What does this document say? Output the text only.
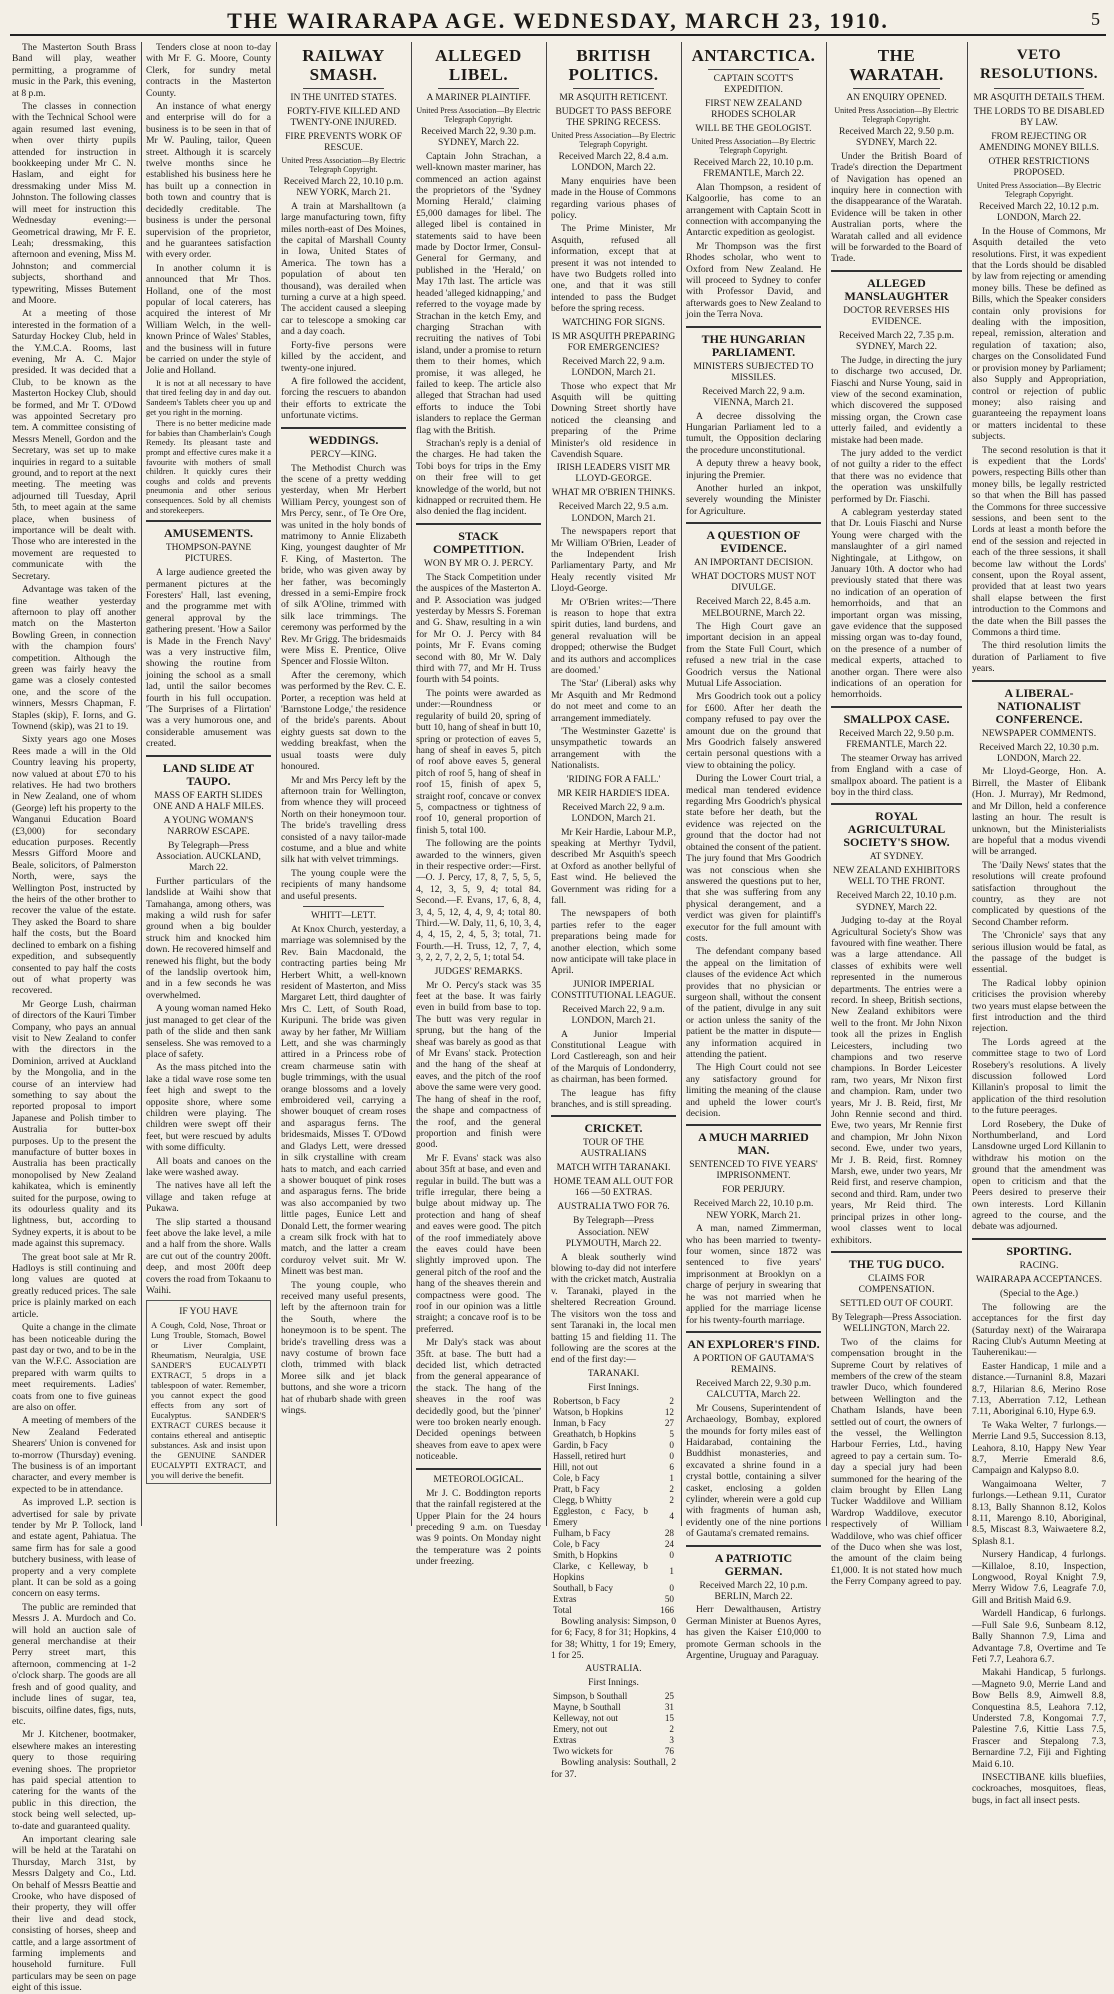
THE WAIRARAPA AGE. WEDNESDAY, MARCH 23, 1910.	5

The Masterton South Brass Band will play, weather permitting, a programme of music in the Park, this evening, at 8 p.m.

The classes in connection with the Technical School were again resumed last evening, when over thirty pupils attended for instruction in bookkeeping under Mr C. N. Haslam, and eight for dressmaking under Miss M. Johnston. The following classes will meet for instruction this Wednesday evening:—Geometrical drawing, Mr F. E. Leah; dressmaking, this afternoon and evening, Miss M. Johnston; and commercial subjects, shorthand and typewriting, Misses Butement and Moore.

At a meeting of those interested in the formation of a Saturday Hockey Club, held in the Y.M.C.A. Rooms, last evening, Mr A. C. Major presided. It was decided that a Club, to be known as the Masterton Hockey Club, should be formed, and Mr T. O'Dowd was appointed Secretary pro tem. A committee consisting of Messrs Menell, Gordon and the Secretary, was set up to make inquiries in regard to a suitable ground, and to report at the next meeting. The meeting was adjourned till Tuesday, April 5th, to meet again at the same place, when business of importance will be dealt with. Those who are interested in the movement are requested to communicate with the Secretary.

Advantage was taken of the fine weather yesterday afternoon to play off another match on the Masterton Bowling Green, in connection with the champion fours' competition. Although the green was fairly heavy the game was a closely contested one, and the score of the winners, Messrs Chapman, F. Staples (skip), F. Iorns, and G. Townend (skip), was 21 to 19.

Sixty years ago one Moses Rees made a will in the Old Country leaving his property, now valued at about £70 to his relatives. He had two brothers in New Zealand, one of whom (George) left his property to the Wanganui Education Board (£3,000) for secondary education purposes. Recently Messrs Gifford Moore and Beale, solicitors, of Palmerston North, were, says the Wellington Post, instructed by the heirs of the other brother to recover the value of the estate. They asked the Board to share half the costs, but the Board declined to embark on a fishing expedition, and subsequently consented to pay half the costs out of what property was recovered.

Mr George Lush, chairman of directors of the Kauri Timber Company, who pays an annual visit to New Zealand to confer with the directors in the Dominion, arrived at Auckland by the Mongolia, and in the course of an interview had something to say about the reported proposal to import Japanese and Polish timber to Australia for butter-box purposes. Up to the present the manufacture of butter boxes in Australia has been practically monopolised by New Zealand kahikatea, which is eminently suited for the purpose, owing to its odourless quality and its lightness, but, according to Sydney experts, it is about to be made against this supremacy.

The great boot sale at Mr R. Hadloys is still continuing and long values are quoted at greatly reduced prices. The sale price is plainly marked on each article.

Quite a change in the climate has been noticeable during the past day or two, and to be in the van the W.F.C. Association are prepared with warm quilts to meet requirements. Ladies' coats from one to five guineas are also on offer.

A meeting of members of the New Zealand Federated Shearers' Union is convened for to-morrow (Thursday) evening. The business is of an important character, and every member is expected to be in attendance.

As improved L.P. section is advertised for sale by private tender by Mr P. Tollock, land and estate agent, Pahiatua. The same firm has for sale a good butchery business, with lease of property and a very complete plant. It can be sold as a going concern on easy terms.

The public are reminded that Messrs J. A. Murdoch and Co. will hold an auction sale of general merchandise at their Perry street mart, this afternoon, commencing at 1-2 o'clock sharp. The goods are all fresh and of good quality, and include lines of sugar, tea, biscuits, oilfine dates, figs, nuts, etc.

Mr J. Kitchener, bootmaker, elsewhere makes an interesting query to those requiring evening shoes. The proprietor has paid special attention to catering for the wants of the public in this direction, the stock being well selected, up-to-date and guaranteed quality.

An important clearing sale will be held at the Taratahi on Thursday, March 31st, by Messrs Dalgety and Co., Ltd. On behalf of Messrs Beattie and Crooke, who have disposed of their property, they will offer their live and dead stock, consisting of horses, sheep and cattle, and a large assortment of farming implements and household furniture. Full particulars may be seen on page eight of this issue.

Tenders close at noon to-day with Mr F. G. Moore, County Clerk, for sundry metal contracts in the Masterton County.

An instance of what energy and enterprise will do for a business is to be seen in that of Mr W. Pauling, tailor, Queen street. Although it is scarcely twelve months since he established his business here he has built up a connection in both town and country that is decidedly creditable. The business is under the personal supervision of the proprietor, and he guarantees satisfaction with every order.

In another column it is announced that Mr Thos. Holland, one of the most popular of local caterers, has acquired the interest of Mr William Welch, in the well-known Prince of Wales' Stables, and the business will in future be carried on under the style of Jolie and Holland.

It is not at all necessary to have that tired feeling day in and day out. Sandeem's Tablets cheer you up and get you right in the morning.

There is no better medicine made for babies than Chamberlain's Cough Remedy. Its pleasant taste and prompt and effective cures make it a favourite with mothers of small children. It quickly cures their coughs and colds and prevents pneumonia and other serious consequences. Sold by all chemists and storekeepers.

AMUSEMENTS.
THOMPSON-PAYNE PICTURES.

A large audience greeted the permanent pictures at the Foresters' Hall, last evening, and the programme met with general approval by the gathering present. 'How a Sailor is Made in the French Navy' was a very instructive film, showing the routine from joining the school as a small lad, until the sailor becomes fourth in his full occupation. 'The Surprises of a Flirtation' was a very humorous one, and considerable amusement was created.

LAND SLIDE AT TAUPO.
MASS OF EARTH SLIDES ONE AND A HALF MILES.
A YOUNG WOMAN'S NARROW ESCAPE.
By Telegraph—Press Association. AUCKLAND, March 22.

Further particulars of the landslide at Waihi show that Tamahanga, among others, was making a wild rush for safer ground when a big boulder struck him and knocked him down. He recovered himself and renewed his flight, but the body of the landslip overtook him, and in a few seconds he was overwhelmed.

A young woman named Heko just managed to get clear of the path of the slide and then sank senseless. She was removed to a place of safety.

As the mass pitched into the lake a tidal wave rose some ten feet high and swept to the opposite shore, where some children were playing. The children were swept off their feet, but were rescued by adults with some difficulty.

All boats and canoes on the lake were washed away.

The natives have all left the village and taken refuge at Pukawa.

The slip started a thousand feet above the lake level, a mile and a half from the shore. Walls are cut out of the country 200ft. deep, and most 200ft deep covers the road from Tokaanu to Waihi.

IF YOU HAVE
A Cough, Cold, Nose, Throat or Lung Trouble, Stomach, Bowel or Liver Complaint, Rheumatism, Neuralgia, USE SANDER'S EUCALYPTI EXTRACT, 5 drops in a tablespoon of water. Remember, you cannot expect the good effects from any sort of Eucalyptus. SANDER'S EXTRACT CURES because it contains ethereal and antiseptic substances. Ask and insist upon the GENUINE SANDER EUCALYPTI EXTRACT, and you will derive the benefit.
RAILWAY SMASH.
IN THE UNITED STATES.
FORTY-FIVE KILLED AND TWENTY-ONE INJURED.
FIRE PREVENTS WORK OF RESCUE.
United Press Association—By Electric Telegraph Copyright.
Received March 22, 10.10 p.m. NEW YORK, March 21.

A train at Marshalltown (a large manufacturing town, fifty miles north-east of Des Moines, the capital of Marshall County in Iowa, United States of America. The town has a population of about ten thousand), was derailed when turning a curve at a high speed. The accident caused a sleeping car to telescope a smoking car and a day coach.

Forty-five persons were killed by the accident, and twenty-one injured.

A fire followed the accident, forcing the rescuers to abandon their efforts to extricate the unfortunate victims.

WEDDINGS.
PERCY—KING.

The Methodist Church was the scene of a pretty wedding yesterday, when Mr Herbert William Percy, youngest son of Mrs Percy, senr., of Te Ore Ore, was united in the holy bonds of matrimony to Annie Elizabeth King, youngest daughter of Mr F. King, of Masterton. The bride, who was given away by her father, was becomingly dressed in a semi-Empire frock of silk A'Oline, trimmed with silk lace trimmings. The ceremony was performed by the Rev. Mr Grigg. The bridesmaids were Miss E. Prentice, Olive Spencer and Flossie Wilton.

After the ceremony, which was performed by the Rev. C. E. Porter, a reception was held at 'Barnstone Lodge,' the residence of the bride's parents. About eighty guests sat down to the wedding breakfast, when the usual toasts were duly honoured.

Mr and Mrs Percy left by the afternoon train for Wellington, from whence they will proceed North on their honeymoon tour. The bride's travelling dress consisted of a navy tailor-made costume, and a blue and white silk hat with velvet trimmings.

The young couple were the recipients of many handsome and useful presents.

WHITT—LETT.

At Knox Church, yesterday, a marriage was solemnised by the Rev. Bain Macdonald, the contracting parties being Mr Herbert Whitt, a well-known resident of Masterton, and Miss Margaret Lett, third daughter of Mrs C. Lett, of South Road, Kuripuni. The bride was given away by her father, Mr William Lett, and she was charmingly attired in a Princess robe of cream charmeuse satin with bugle trimmings, with the usual orange blossoms and a lovely embroidered veil, carrying a shower bouquet of cream roses and asparagus ferns. The bridesmaids, Misses T. O'Dowd and Gladys Lett, were dressed in silk crystalline with cream hats to match, and each carried a shower bouquet of pink roses and asparagus ferns. The bride was also accompanied by two little pages, Eunice Lett and Donald Lett, the former wearing a cream silk frock with hat to match, and the latter a cream corduroy velvet suit. Mr W. Minett was best man.

The young couple, who received many useful presents, left by the afternoon train for the South, where the honeymoon is to be spent. The bride's travelling dress was a navy costume of brown face cloth, trimmed with black Moree silk and jet black buttons, and she wore a tricorn hat of rhubarb shade with green wings.

ALLEGED LIBEL.
A MARINER PLAINTIFF.
United Press Association—By Electric Telegraph Copyright.
Received March 22, 9.30 p.m. SYDNEY, March 22.

Captain John Strachan, a well-known master mariner, has commenced an action against the proprietors of the 'Sydney Morning Herald,' claiming £5,000 damages for libel. The alleged libel is contained in statements said to have been made by Doctor Irmer, Consul-General for Germany, and published in the 'Herald,' on May 17th last. The article was headed 'alleged kidnapping,' and referred to the voyage made by Strachan in the ketch Emy, and charging Strachan with recruiting the natives of Tobi island, under a promise to return them to their homes, which promise, it was alleged, he failed to keep. The article also alleged that Strachan had used efforts to induce the Tobi islanders to replace the German flag with the British.

Strachan's reply is a denial of the charges. He had taken the Tobi boys for trips in the Emy on their free will to get knowledge of the world, but not kidnapped or recruited them. He also denied the flag incident.

STACK COMPETITION.
WON BY MR O. J. PERCY.

The Stack Competition under the auspices of the Masterton A. and P. Association was judged yesterday by Messrs S. Foreman and G. Shaw, resulting in a win for Mr O. J. Percy with 84 points, Mr F. Evans coming second with 80, Mr W. Daly third with 77, and Mr H. Truss fourth with 54 points.

The points were awarded as under:—Roundness or regularity of build 20, spring of butt 10, hang of sheaf in butt 10, spring or protection of eaves 5, hang of sheaf in eaves 5, pitch of roof above eaves 5, general pitch of roof 5, hang of sheaf in roof 15, finish of apex 5, straight roof, concave or convex 5, compactness or tightness of roof 10, general proportion of finish 5, total 100.

The following are the points awarded to the winners, given in their respective order:—First.—O. J. Percy, 17, 8, 7, 5, 5, 5, 4, 12, 3, 5, 9, 4; total 84. Second.—F. Evans, 17, 6, 8, 4, 3, 4, 5, 12, 4, 4, 9, 4; total 80. Third.—W. Daly, 11, 6, 10, 3, 4, 4, 4, 15, 2, 4, 5, 3; total, 71. Fourth.—H. Truss, 12, 7, 7, 4, 3, 2, 2, 7, 2, 2, 5, 1; total 54.

JUDGES' REMARKS.

Mr O. Percy's stack was 35 feet at the base. It was fairly even in build from base to top. The butt was very regular in sprung, but the hang of the sheaf was barely as good as that of Mr Evans' stack. Protection and the hang of the sheaf at eaves, and the pitch of the roof above the same were very good. The hang of sheaf in the roof, the shape and compactness of the roof, and the general proportion and finish were good.

Mr F. Evans' stack was also about 35ft at base, and even and regular in build. The butt was a trifle irregular, there being a bulge about midway up. The protection and hang of sheaf and eaves were good. The pitch of the roof immediately above the eaves could have been slightly improved upon. The general pitch of the roof and the hang of the sheaves therein and compactness were good. The roof in our opinion was a little straight; a concave roof is to be preferred.

Mr Daly's stack was about 35ft. at base. The butt had a decided list, which detracted from the general appearance of the stack. The hang of the sheaves in the roof was decidedly good, but the 'pinner' were too broken nearly enough. Decided openings between sheaves from eave to apex were noticeable.

METEOROLOGICAL.

Mr J. C. Boddington reports that the rainfall registered at the Upper Plain for the 24 hours preceding 9 a.m. on Tuesday was 9 points. On Monday night the temperature was 2 points under freezing.

BRITISH POLITICS.
MR ASQUITH RETICENT.
BUDGET TO PASS BEFORE THE SPRING RECESS.
United Press Association—By Electric Telegraph Copyright.
Received March 22, 8.4 a.m. LONDON, March 22.

Many enquiries have been made in the House of Commons regarding various phases of policy.

The Prime Minister, Mr Asquith, refused all information, except that at present it was not intended to have two Budgets rolled into one, and that it was still intended to pass the Budget before the spring recess.

WATCHING FOR SIGNS.
IS MR ASQUITH PREPARING FOR EMERGENCIES?
Received March 22, 9 a.m. LONDON, March 21.

Those who expect that Mr Asquith will be quitting Downing Street shortly have noticed the cleansing and preparing of the Prime Minister's old residence in Cavendish Square.

IRISH LEADERS VISIT MR LLOYD-GEORGE.
WHAT MR O'BRIEN THINKS.
Received March 22, 9.5 a.m. LONDON, March 21.

The newspapers report that Mr William O'Brien, Leader of the Independent Irish Parliamentary Party, and Mr Healy recently visited Mr Lloyd-George.

Mr O'Brien writes:—'There is reason to hope that extra spirit duties, land burdens, and general revaluation will be dropped; otherwise the Budget and its authors and accomplices are doomed.'

The 'Star' (Liberal) asks why Mr Asquith and Mr Redmond do not meet and come to an arrangement immediately.

'The Westminster Gazette' is unsympathetic towards an arrangement with the Nationalists.

'RIDING FOR A FALL.'
MR KEIR HARDIE'S IDEA.
Received March 22, 9 a.m. LONDON, March 21.

Mr Keir Hardie, Labour M.P., speaking at Merthyr Tydvil, described Mr Asquith's speech at Oxford as another bellyful of East wind. He believed the Government was riding for a fall.

The newspapers of both parties refer to the eager preparations being made for another election, which some now anticipate will take place in April.

JUNIOR IMPERIAL CONSTITUTIONAL LEAGUE.
Received March 22, 9 a.m. LONDON, March 21.

A Junior Imperial Constitutional League with Lord Castlereagh, son and heir of the Marquis of Londonderry, as chairman, has been formed.

The league has fifty branches, and is still spreading.

CRICKET.
TOUR OF THE AUSTRALIANS
MATCH WITH TARANAKI.
HOME TEAM ALL OUT FOR 166 —50 EXTRAS.
AUSTRALIA TWO FOR 76.
By Telegraph—Press Association. NEW PLYMOUTH, March 22.

A bleak southerly wind blowing to-day did not interfere with the cricket match, Australia v. Taranaki, played in the sheltered Recreation Ground. The visitors won the toss and sent Taranaki in, the local men batting 15 and fielding 11. The following are the scores at the end of the first day:—

TARANAKI.
First Innings.
Robertson, b Facy	2
Watson, b Hopkins	12
Inman, b Facy	27
Greathatch, b Hopkins	5
Gardin, b Facy	0
Hassell, retired hurt	0
Hill, not out	6
Cole, b Facy	1
Pratt, b Facy	2
Clegg, b Whitty	2
Eggleston, c Facy, b Emery	4
Fulham, b Facy	28
Cole, b Facy	24
Smith, b Hopkins	0
Clarke, c Kelleway, b Hopkins	1
Southall, b Facy	0
Extras	50
Total	166

Bowling analysis: Simpson, 0 for 6; Facy, 8 for 31; Hopkins, 4 for 38; Whitty, 1 for 19; Emery, 1 for 25.

AUSTRALIA.
First Innings.
Simpson, b Southall	25
Mayne, b Southall	31
Kelleway, not out	15
Emery, not out	2
Extras	3
Two wickets for	76

Bowling analysis: Southall, 2 for 37.

ANTARCTICA.
CAPTAIN SCOTT'S EXPEDITION.
FIRST NEW ZEALAND RHODES SCHOLAR
WILL BE THE GEOLOGIST.
United Press Association—By Electric Telegraph Copyright.
Received March 22, 10.10 p.m. FREMANTLE, March 22.

Alan Thompson, a resident of Kalgoorlie, has come to an arrangement with Captain Scott in connection with accompanying the Antarctic expedition as geologist.

Mr Thompson was the first Rhodes scholar, who went to Oxford from New Zealand. He will proceed to Sydney to confer with Professor David, and afterwards goes to New Zealand to join the Terra Nova.

THE HUNGARIAN PARLIAMENT.
MINISTERS SUBJECTED TO MISSILES.
Received March 22, 9 a.m. VIENNA, March 21.

A decree dissolving the Hungarian Parliament led to a tumult, the Opposition declaring the procedure unconstitutional.

A deputy threw a heavy book, injuring the Premier.

Another hurled an inkpot, severely wounding the Minister for Agriculture.

A QUESTION OF EVIDENCE.
AN IMPORTANT DECISION.
WHAT DOCTORS MUST NOT DIVULGE.
Received March 22, 8.45 a.m. MELBOURNE, March 22.

The High Court gave an important decision in an appeal from the State Full Court, which refused a new trial in the case Goodrich versus the National Mutual Life Association.

Mrs Goodrich took out a policy for £600. After her death the company refused to pay over the amount due on the ground that Mrs Goodrich falsely answered certain personal questions with a view to obtaining the policy.

During the Lower Court trial, a medical man tendered evidence regarding Mrs Goodrich's physical state before her death, but the evidence was rejected on the ground that the doctor had not obtained the consent of the patient. The jury found that Mrs Goodrich was not conscious when she answered the questions put to her, that she was suffering from any physical derangement, and a verdict was given for plaintiff's executor for the full amount with costs.

The defendant company based the appeal on the limitation of clauses of the evidence Act which provides that no physician or surgeon shall, without the consent of the patient, divulge in any suit or action unless the sanity of the patient be the matter in dispute—any information acquired in attending the patient.

The High Court could not see any satisfactory ground for limiting the meaning of the clause and upheld the lower court's decision.

A MUCH MARRIED MAN.
SENTENCED TO FIVE YEARS' IMPRISONMENT.
FOR PERJURY.
Received March 22, 10.10 p.m. NEW YORK, March 21.

A man, named Zimmerman, who has been married to twenty-four women, since 1872 was sentenced to five years' imprisonment at Brooklyn on a charge of perjury in swearing that he was not married when he applied for the marriage license for his twenty-fourth marriage.

AN EXPLORER'S FIND.
A PORTION OF GAUTAMA'S REMAINS.
Received March 22, 9.30 p.m. CALCUTTA, March 22.

Mr Cousens, Superintendent of Archaeology, Bombay, explored the mounds for forty miles east of Haidarabad, containing the Buddhist monasteries, and excavated a shrine found in a crystal bottle, containing a silver casket, enclosing a golden cylinder, wherein were a gold cup with fragments of human ash, evidently one of the nine portions of Gautama's cremated remains.

A PATRIOTIC GERMAN.
Received March 22, 10 p.m. BERLIN, March 22.

Herr Dewalthausen, Artistry German Minister at Buenos Ayres, has given the Kaiser £10,000 to promote German schools in the Argentine, Uruguay and Paraguay.

THE WARATAH.
AN ENQUIRY OPENED.
United Press Association—By Electric Telegraph Copyright.
Received March 22, 9.50 p.m. SYDNEY, March 22.

Under the British Board of Trade's direction the Department of Navigation has opened an inquiry here in connection with the disappearance of the Waratah. Evidence will be taken in other Australian ports, where the Waratah called and all evidence will be forwarded to the Board of Trade.

ALLEGED MANSLAUGHTER
DOCTOR REVERSES HIS EVIDENCE.
Received March 22, 7.35 p.m. SYDNEY, March 22.

The Judge, in directing the jury to discharge two accused, Dr. Fiaschi and Nurse Young, said in view of the second examination, which discovered the supposed missing organ, the Crown case utterly failed, and evidently a mistake had been made.

The jury added to the verdict of not guilty a rider to the effect that there was no evidence that the operation was unskilfully performed by Dr. Fiaschi.

A cablegram yesterday stated that Dr. Louis Fiaschi and Nurse Young were charged with the manslaughter of a girl named Nightingale, at Lithgow, on January 10th. A doctor who had previously stated that there was no indication of an operation of hemorrhoids, and that an important organ was missing, gave evidence that the supposed missing organ was to-day found, on the presence of a number of medical experts, attached to another organ. There were also indications of an operation for hemorrhoids.

SMALLPOX CASE.
Received March 22, 9.50 p.m. FREMANTLE, March 22.

The steamer Orway has arrived from England with a case of smallpox aboard. The patient is a boy in the third class.

ROYAL AGRICULTURAL SOCIETY'S SHOW.
AT SYDNEY.
NEW ZEALAND EXHIBITORS WELL TO THE FRONT.
Received March 22, 10.10 p.m. SYDNEY, March 22.

Judging to-day at the Royal Agricultural Society's Show was favoured with fine weather. There was a large attendance. All classes of exhibits were well represented in the numerous departments. The entries were a record. In sheep, British sections, New Zealand exhibitors were well to the front. Mr John Nixon took all the prizes in English Leicesters, including two champions and two reserve champions. In Border Leicester ram, two years, Mr Nixon first and champion. Ram, under two years, Mr J. B. Reid, first, Mr John Rennie second and third. Ewe, two years, Mr Rennie first and champion, Mr John Nixon second. Ewe, under two years, Mr J. B. Reid, first. Romney Marsh, ewe, under two years, Mr Reid first, and reserve champion, second and third. Ram, under two years, Mr Reid third. The principal prizes in other long-wool classes went to local exhibitors.

THE TUG DUCO.
CLAIMS FOR COMPENSATION.
SETTLED OUT OF COURT.
By Telegraph—Press Association. WELLINGTON, March 22.

Two of the claims for compensation brought in the Supreme Court by relatives of members of the crew of the steam trawler Duco, which foundered between Wellington and the Chatham Islands, have been settled out of court, the owners of the vessel, the Wellington Harbour Ferries, Ltd., having agreed to pay a certain sum. To-day a special jury had been summoned for the hearing of the claim brought by Ellen Lang Tucker Waddilove and William Wardrop Waddilove, executor respectively of William Waddilove, who was chief officer of the Duco when she was lost, the amount of the claim being £1,000. It is not stated how much the Ferry Company agreed to pay.

VETO RESOLUTIONS.
MR ASQUITH DETAILS THEM.
THE LORDS TO BE DISABLED BY LAW.
FROM REJECTING OR AMENDING MONEY BILLS.
OTHER RESTRICTIONS PROPOSED.
United Press Association—By Electric Telegraph Copyright.
Received March 22, 10.12 p.m. LONDON, March 22.

In the House of Commons, Mr Asquith detailed the veto resolutions. First, it was expedient that the Lords should be disabled by law from rejecting or amending money bills. These be defined as Bills, which the Speaker considers contain only provisions for dealing with the imposition, repeal, remission, alteration and regulation of taxation; also, charges on the Consolidated Fund or provision money by Parliament; also Supply and Appropriation, control or rejection of public money; also raising and guaranteeing the repayment loans or matters incidental to these subjects.

The second resolution is that it is expedient that the Lords' powers, respecting Bills other than money bills, be legally restricted so that when the Bill has passed the Commons for three successive sessions, and been sent to the Lords at least a month before the end of the session and rejected in each of the three sessions, it shall become law without the Lords' consent, upon the Royal assent, provided that at least two years shall elapse between the first introduction to the Commons and the date when the Bill passes the Commons a third time.

The third resolution limits the duration of Parliament to five years.

A LIBERAL-NATIONALIST CONFERENCE.
NEWSPAPER COMMENTS.
Received March 22, 10.30 p.m. LONDON, March 22.

Mr Lloyd-George, Hon. A. Birrell, the Master of Elibank (Hon. J. Murray), Mr Redmond, and Mr Dillon, held a conference lasting an hour. The result is unknown, but the Ministerialists are hopeful that a modus vivendi will be arranged.

The 'Daily News' states that the resolutions will create profound satisfaction throughout the country, as they are not complicated by questions of the Second Chamber reform.

The 'Chronicle' says that any serious illusion would be fatal, as the passage of the budget is essential.

The Radical lobby opinion criticises the provision whereby two years must elapse between the first introduction and the third rejection.

The Lords agreed at the committee stage to two of Lord Rosebery's resolutions. A lively discussion followed Lord Killanin's proposal to limit the application of the third resolution to the future peerages.

Lord Rosebery, the Duke of Northumberland, and Lord Lansdowne urged Lord Killanin to withdraw his motion on the ground that the amendment was open to criticism and that the Peers desired to preserve their own interests. Lord Killanin agreed to the course, and the debate was adjourned.

SPORTING.
RACING.
WAIRARAPA ACCEPTANCES.
(Special to the Age.)

The following are the acceptances for the first day (Saturday next) of the Wairarapa Racing Club's Autumn Meeting at Tauherenikau:—

Easter Handicap, 1 mile and a distance.—Turnaninl 8.8, Mazari 8.7, Hilarian 8.6, Merino Rose 7.13, Aberration 7.12, Lethean 7.11, Aboriginal 6.10, Hype 6.9.

Te Waka Welter, 7 furlongs.—Merrie Land 9.5, Succession 8.13, Leahora, 8.10, Happy New Year 8.7, Merrie Emerald 8.6, Campaign and Kalypso 8.0.

Wangaimoana Welter, 7 furlongs.—Lethean 9.11, Curator 8.13, Bally Shannon 8.12, Kolos 8.11, Marengo 8.10, Aboriginal, 8.5, Miscast 8.3, Waiwaetere 8.2, Splash 8.1.

Nursery Handicap, 4 furlongs.—Killaloe, 8.10, Inspection, Longwood, Royal Knight 7.9, Merry Widow 7.6, Leagrafe 7.0, Gill and British Maid 6.9.

Wardell Handicap, 6 furlongs.—Full Sale 9.6, Sunbeam 8.12, Bally Shannon 7.9, Lima and Advantage 7.8, Overtime and Te Feti 7.7, Leahora 6.7.

Makahi Handicap, 5 furlongs.—Magneto 9.0, Merrie Land and Bow Bells 8.9, Aimwell 8.8, Conquestina 8.5, Leahora 7.12, Understed 7.8, Kongomai 7.7, Palestine 7.6, Kittie Lass 7.5, Frascer and Stepalong 7.3, Bernardine 7.2, Fiji and Fighting Maid 6.10.

INSECTIBANE kills bluefiies, cockroaches, mosquitoes, fleas, bugs, in fact all insect pests.
